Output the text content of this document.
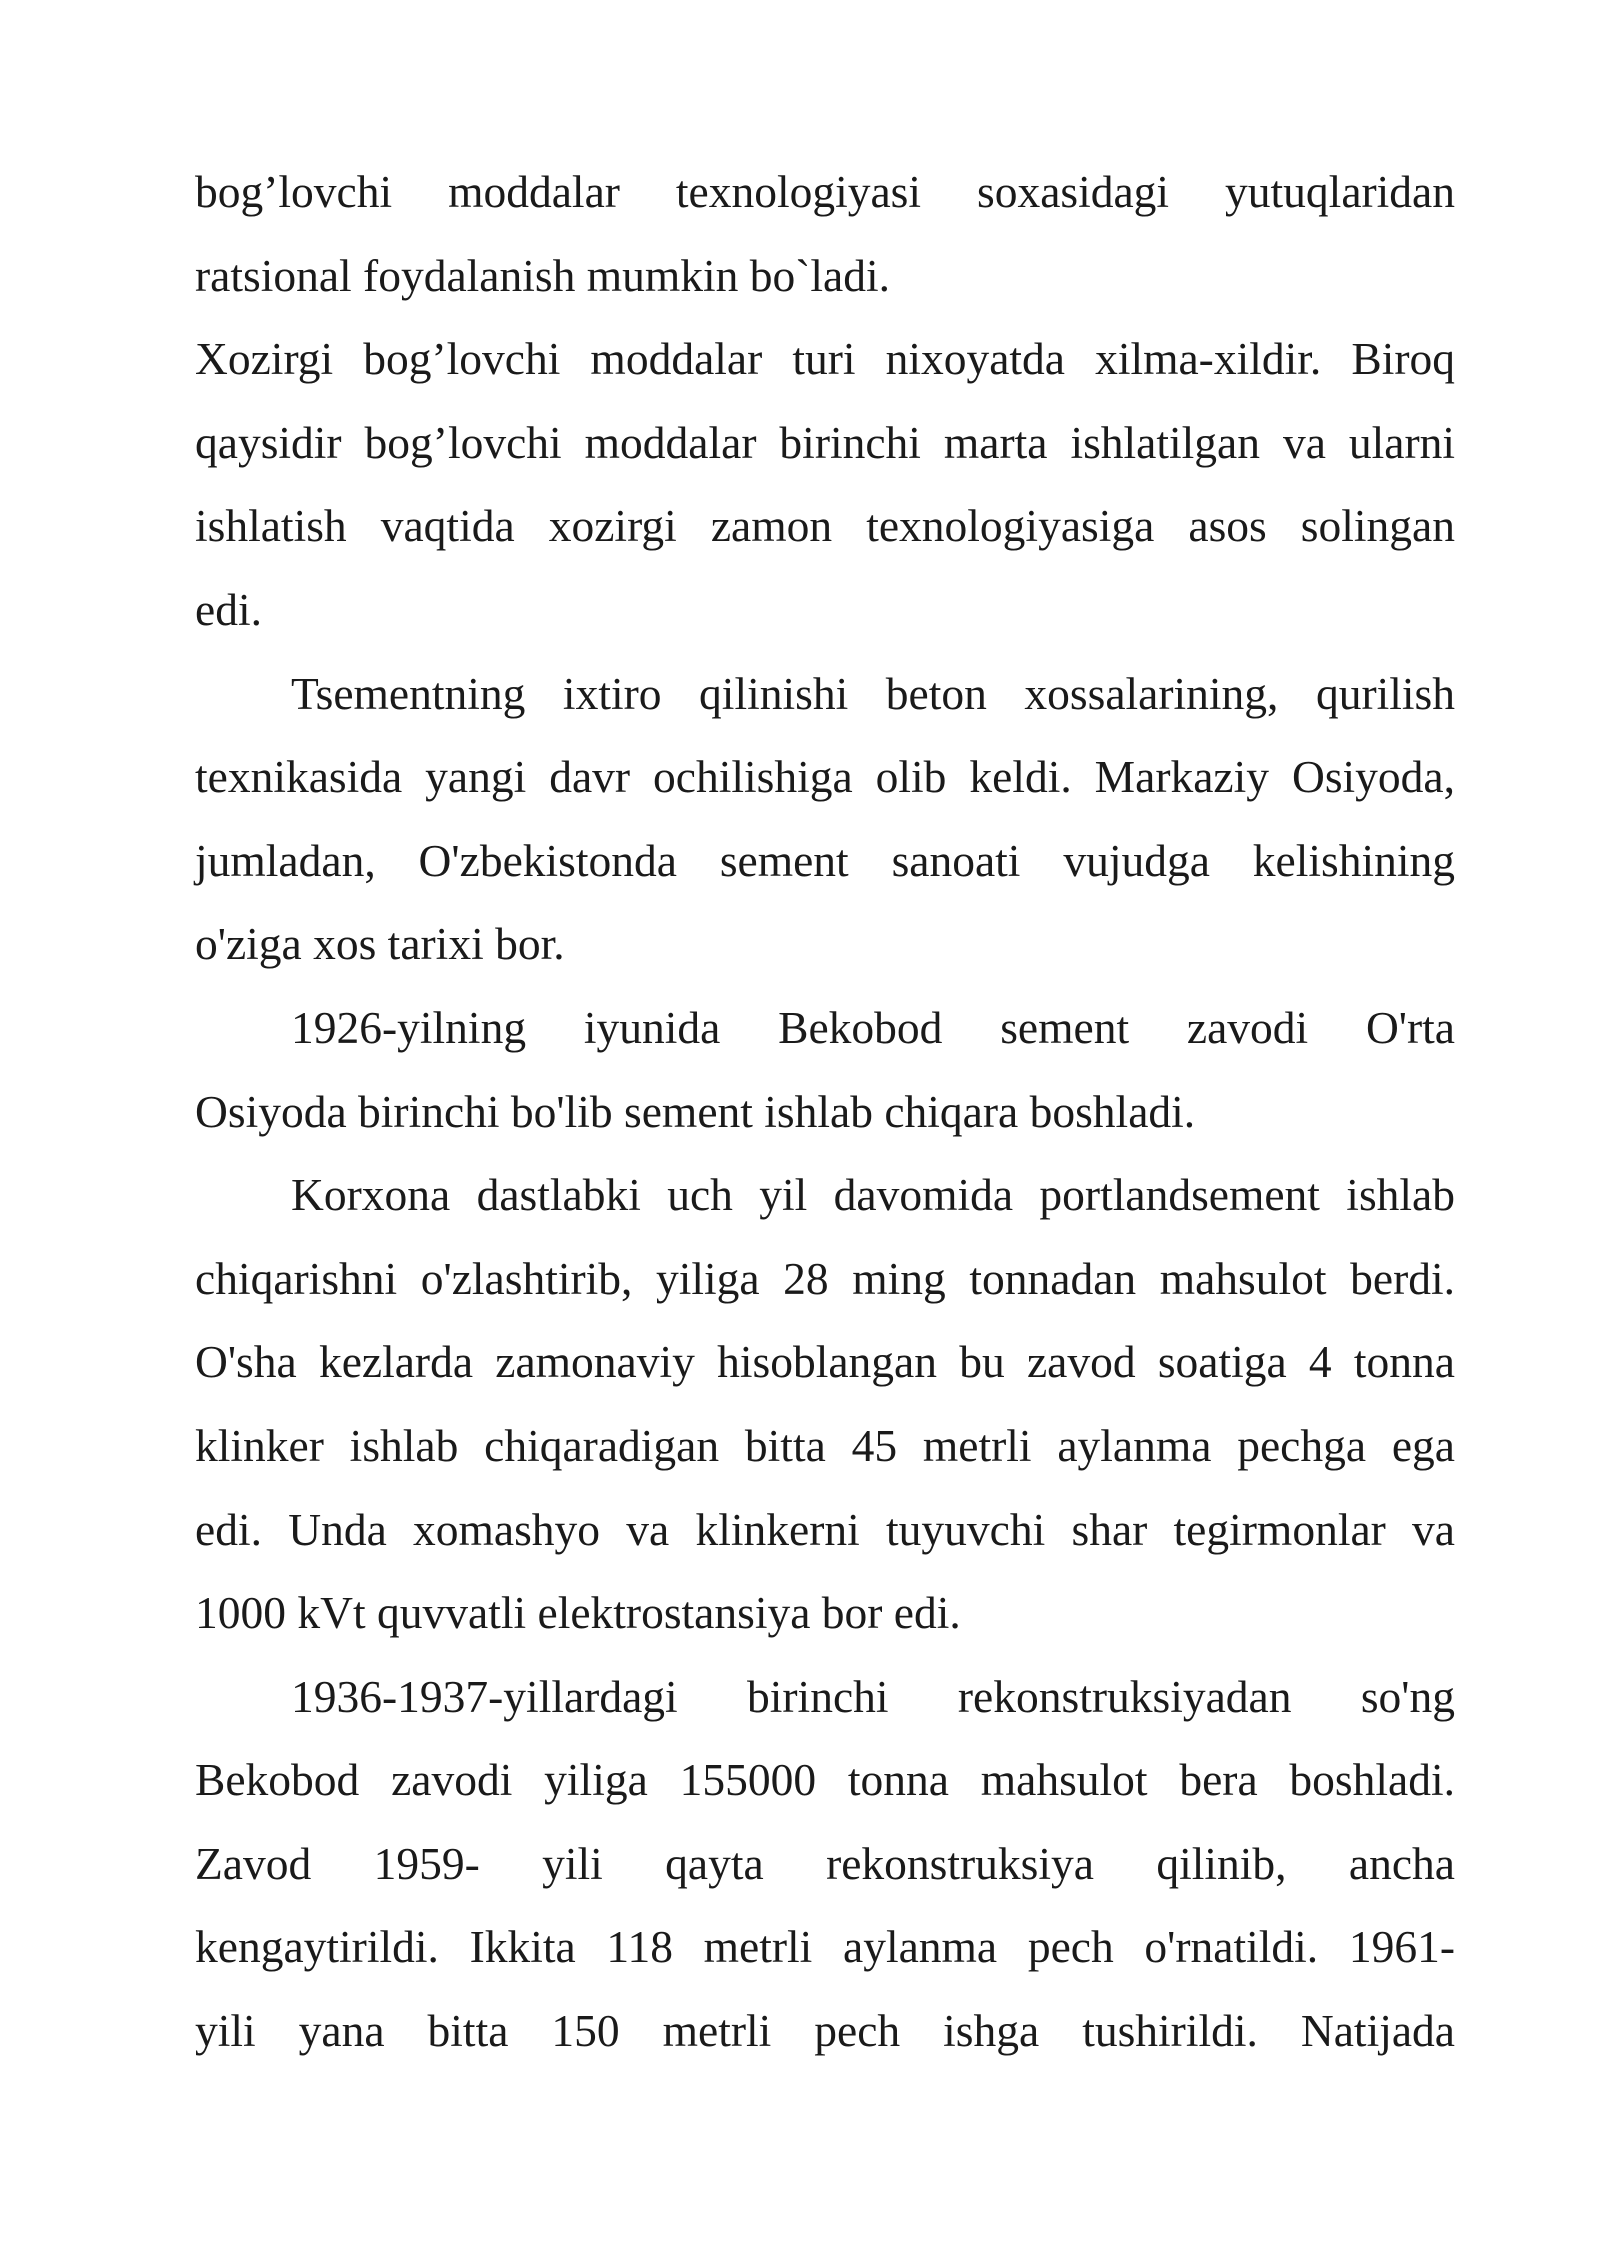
bog’lovchi moddalar texnologiyasi soxasidagi yutuqlaridan
ratsional foydalanish mumkin bo`ladi.
Xozirgi bog’lovchi moddalar turi nixoyatda xilma-xildir. Biroq
qaysidir bog’lovchi moddalar birinchi marta ishlatilgan va ularni
ishlatish vaqtida xozirgi zamon texnologiyasiga asos solingan
edi.
Tsementning ixtiro qilinishi beton xossalarining, qurilish
texnikasida yangi davr ochilishiga olib keldi. Markaziy Osiyoda,
jumladan, O'zbekistonda sement sanoati vujudga kelishining
o'ziga xos tarixi bor.
1926-yilning iyunida Bekobod sement zavodi O'rta
Osiyoda birinchi bo'lib sement ishlab chiqara boshladi.
Korxona dastlabki uch yil davomida portlandsement ishlab
chiqarishni o'zlashtirib, yiliga 28 ming tonnadan mahsulot berdi.
O'sha kezlarda zamonaviy hisoblangan bu zavod soatiga 4 tonna
klinker ishlab chiqaradigan bitta 45 metrli aylanma pechga ega
edi. Unda xomashyo va klinkerni tuyuvchi shar tegirmonlar va
1000 kVt quvvatli elektrostansiya bor edi.
1936-1937-yillardagi birinchi rekonstruksiyadan so'ng
Bekobod zavodi yiliga 155000 tonna mahsulot bera boshladi.
Zavod 1959- yili qayta rekonstruksiya qilinib, ancha
kengaytirildi. Ikkita 118 metrli aylanma pech o'rnatildi. 1961-
yili yana bitta 150 metrli pech ishga tushirildi. Natijada
